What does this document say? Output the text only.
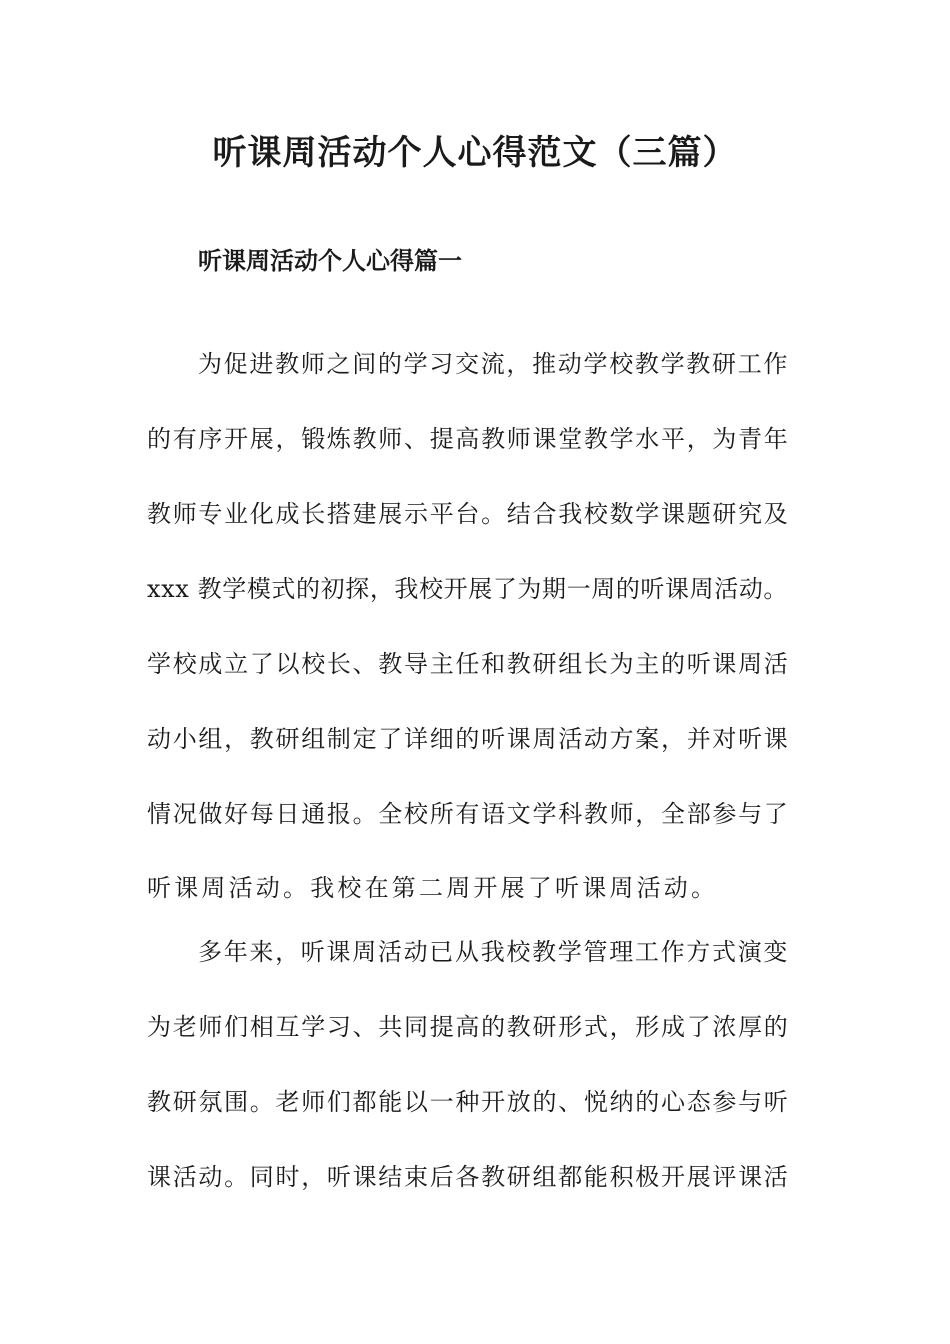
听课周活动个人心得范文（三篇）
听课周活动个人心得篇一
为促进教师之间的学习交流，推动学校教学教研工作
的有序开展，锻炼教师、提高教师课堂教学水平，为青年
教师专业化成长搭建展示平台。结合我校数学课题研究及
xxx 教学模式的初探，我校开展了为期一周的听课周活动。
学校成立了以校长、教导主任和教研组长为主的听课周活
动小组，教研组制定了详细的听课周活动方案，并对听课
情况做好每日通报。全校所有语文学科教师，全部参与了
听课周活动。我校在第二周开展了听课周活动。
多年来，听课周活动已从我校教学管理工作方式演变
为老师们相互学习、共同提高的教研形式，形成了浓厚的
教研氛围。老师们都能以一种开放的、悦纳的心态参与听
课活动。同时，听课结束后各教研组都能积极开展评课活
